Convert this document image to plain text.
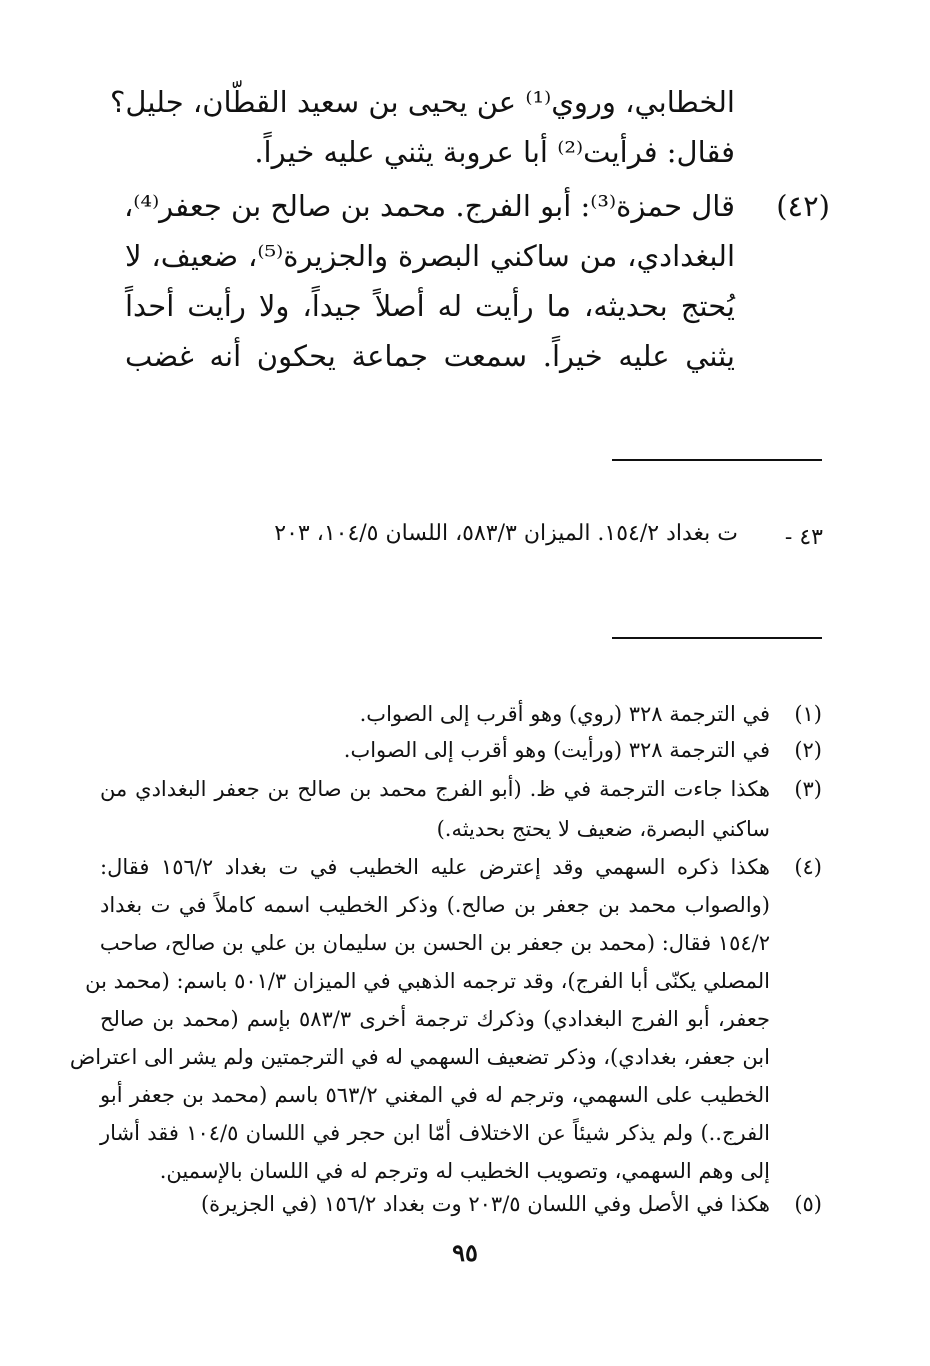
الخطابي، وروي⁽¹⁾ عن يحيى بن سعيد القطّان، جليل؟
فقال: فرأيت⁽²⁾ أبا عروبة يثني عليه خيراً.
(٤٢)
قال حمزة⁽³⁾: أبو الفرج. محمد بن صالح بن جعفر⁽⁴⁾،
البغدادي، من ساكني البصرة والجزيرة⁽⁵⁾، ضعيف، لا
يُحتج بحديثه، ما رأيت له أصلاً جيداً، ولا رأيت أحداً
يثني عليه خيراً. سمعت جماعة يحكون أنه غضب
٤٣ -
ت بغداد ١٥٤/٢. الميزان ٥٨٣/٣، اللسان ١٠٤/٥، ٢٠٣
(١)
في الترجمة ٣٢٨ (روي) وهو أقرب إلى الصواب.
(٢)
في الترجمة ٣٢٨ (ورأيت) وهو أقرب إلى الصواب.
(٣)
هكذا جاءت الترجمة في ظ. (أبو الفرج محمد بن صالح بن جعفر البغدادي من
ساكني البصرة، ضعيف لا يحتج بحديثه.)
(٤)
هكذا ذكره السهمي وقد إعترض عليه الخطيب في ت بغداد ١٥٦/٢ فقال:
(والصواب محمد بن جعفر بن صالح.) وذكر الخطيب اسمه كاملاً في ت بغداد
١٥٤/٢ فقال: (محمد بن جعفر بن الحسن بن سليمان بن علي بن صالح، صاحب
المصلي يكنّى أبا الفرج)، وقد ترجمه الذهبي في الميزان ٥٠١/٣ باسم: (محمد بن
جعفر، أبو الفرج البغدادي) وذكرك ترجمة أخرى ٥٨٣/٣ بإسم (محمد بن صالح
ابن جعفر، بغدادي)، وذكر تضعيف السهمي له في الترجمتين ولم يشر الى اعتراض
الخطيب على السهمي، وترجم له في المغني ٥٦٣/٢ باسم (محمد بن جعفر أبو
الفرج..) ولم يذكر شيئاً عن الاختلاف أمّا ابن حجر في اللسان ١٠٤/٥ فقد أشار
إلى وهم السهمي، وتصويب الخطيب له وترجم له في اللسان بالإسمين.
(٥)
هكذا في الأصل وفي اللسان ٢٠٣/٥ وت بغداد ١٥٦/٢ (في الجزيرة)
٩٥
